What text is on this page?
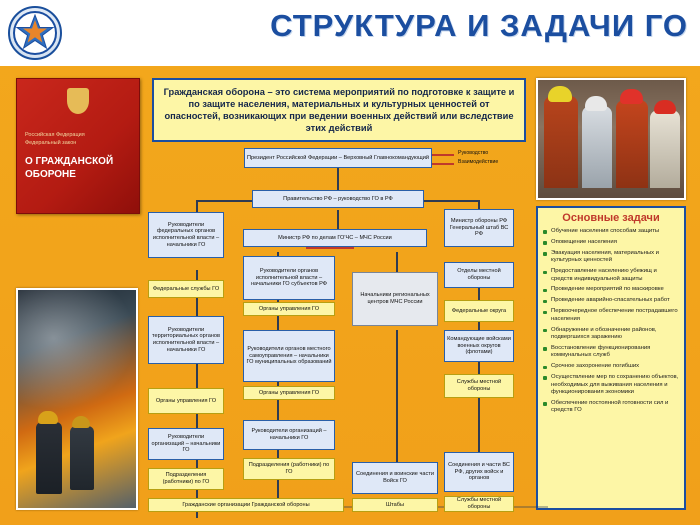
СТРУКТУРА И ЗАДАЧИ ГО
Российская Федерация
Федеральный закон
О ГРАЖДАНСКОЙ ОБОРОНЕ

Гражданская оборона – это система мероприятий по подготовке к защите и по защите населения, материальных и культурных ценностей от опасностей, возникающих при ведении военных действий или вследствие этих действий

Руководство
Взаимодействие
Основные задачи
Обучение населения способам защиты
Оповещение населения
Эвакуация населения, материальных и культурных ценностей
Предоставление населению убежищ и средств индивидуальной защиты
Проведение мероприятий по маскировке
Проведение аварийно-спасательных работ
Первоочередное обеспечение пострадавшего населения
Обнаружение и обозначение районов, подвергшихся заражению
Восстановление функционирования коммунальных служб
Срочное захоронение погибших
Осуществление мер по сохранению объектов, необходимых для выживания населения и функционирования экономики
Обеспечение постоянной готовности сил и средств ГО
Президент Российской Федерации – Верховный Главнокомандующий
Правительство РФ – руководство ГО в РФ
Министр РФ по делам ГО'ЧС – МЧС России
Министр обороны РФ Генеральный штаб ВС РФ
Руководители федеральных органов исполнительной власти – начальники ГО
Федеральные службы ГО
Руководители органов исполнительной власти – начальники ГО субъектов РФ
Органы управления ГО
Начальники региональных центров МЧС России
Отделы местной обороны
Федеральные округа
Командующие войсками военных округов (флотами)
Службы местной обороны
Руководители территориальных органов исполнительной власти – начальники ГО
Органы управления ГО
Руководители органов местного самоуправления – начальники ГО муниципальных образований
Органы управления ГО
Руководители организаций – начальники ГО
Подразделения (работники) по ГО
Руководители организаций – начальники ГО
Подразделения (работники) по ГО	Соединения и воинские части Войск ГО
Соединения и части ВС РФ, других войск и органов
Штабы
Службы местной обороны
Гражданские организации Гражданской обороны
